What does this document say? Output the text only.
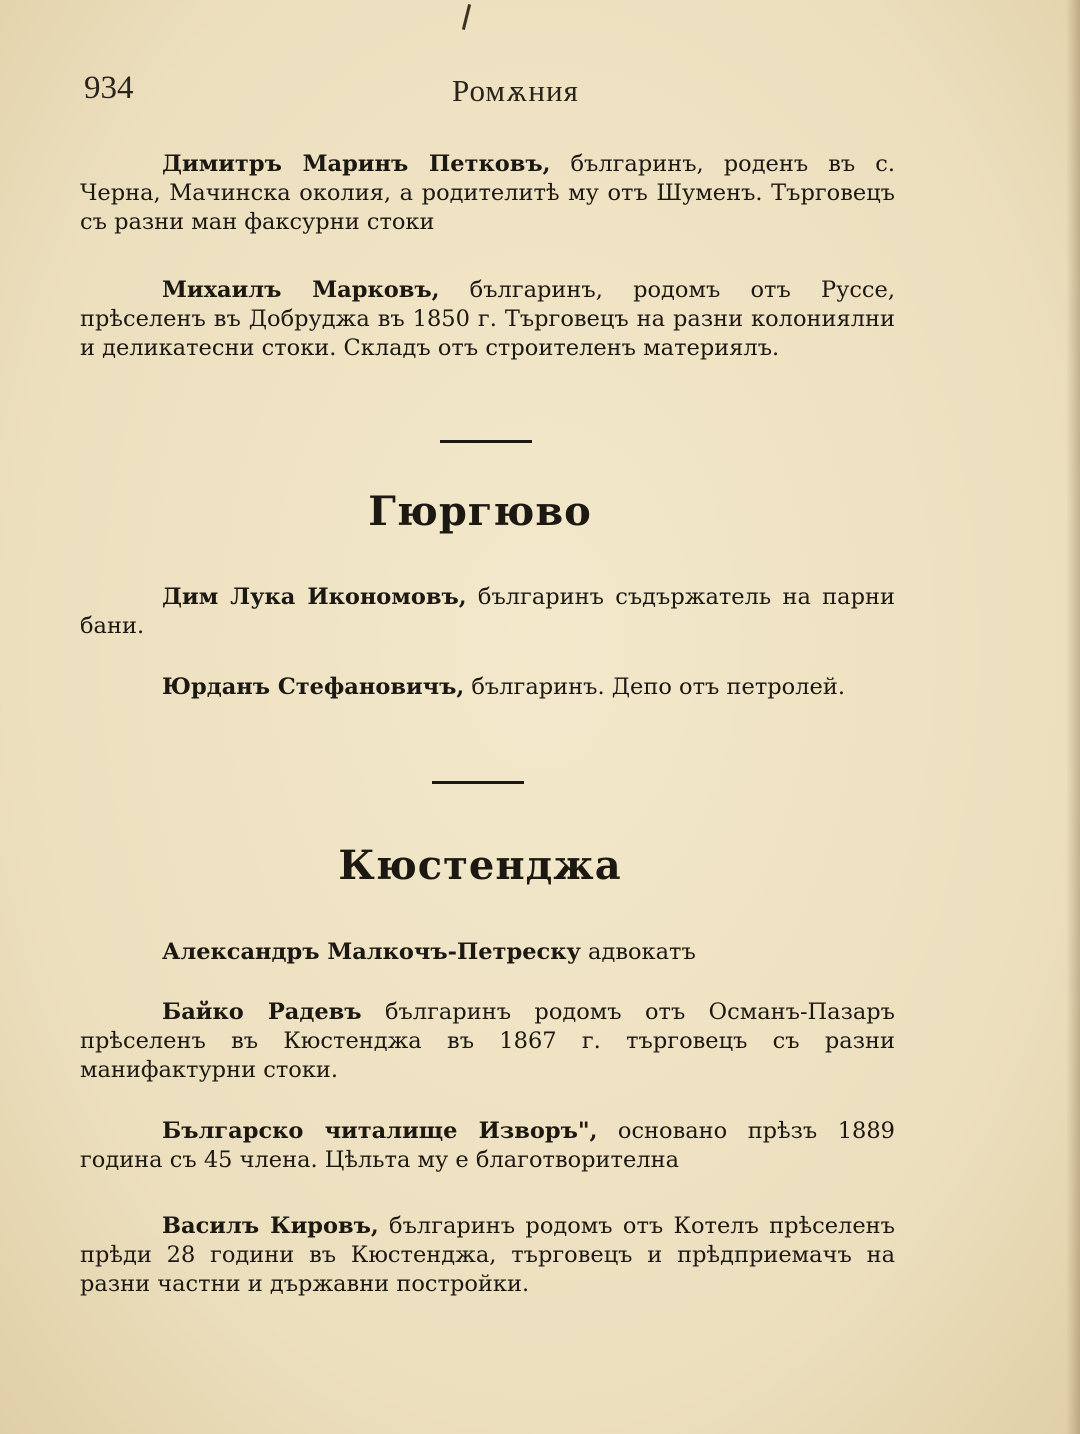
934	Ромѫния

Димитръ Маринъ Петковъ, българинъ, роденъ въ с. Черна, Мачинска околия, а родителитѣ му отъ Шуменъ. Търговецъ съ разни ман факсурни стоки

Михаилъ Марковъ, българинъ, родомъ отъ Руссе, прѣселенъ въ Добруджа въ 1850 г. Търговецъ на разни колониялни и деликатесни стоки. Складъ отъ строителенъ материялъ.

Гюргюво

Дим Лука Икономовъ, българинъ съдържатель на парни бани.

Юрданъ Стефановичъ, българинъ. Депо отъ петролей.

Кюстенджа

Александръ Малкочъ-Петреску адвокатъ

Байко Радевъ българинъ родомъ отъ Османъ-Пазаръ прѣселенъ въ Кюстенджа въ 1867 г. търговецъ съ разни манифактурни стоки.

Българско читалище Изворъ", основано прѣзъ 1889 година съ 45 члена. Цѣльта му е благотворителна

Василъ Кировъ, българинъ родомъ отъ Котелъ прѣселенъ прѣди 28 години въ Кюстенджа, търговецъ и прѣдприемачъ на разни частни и държавни постройки.
